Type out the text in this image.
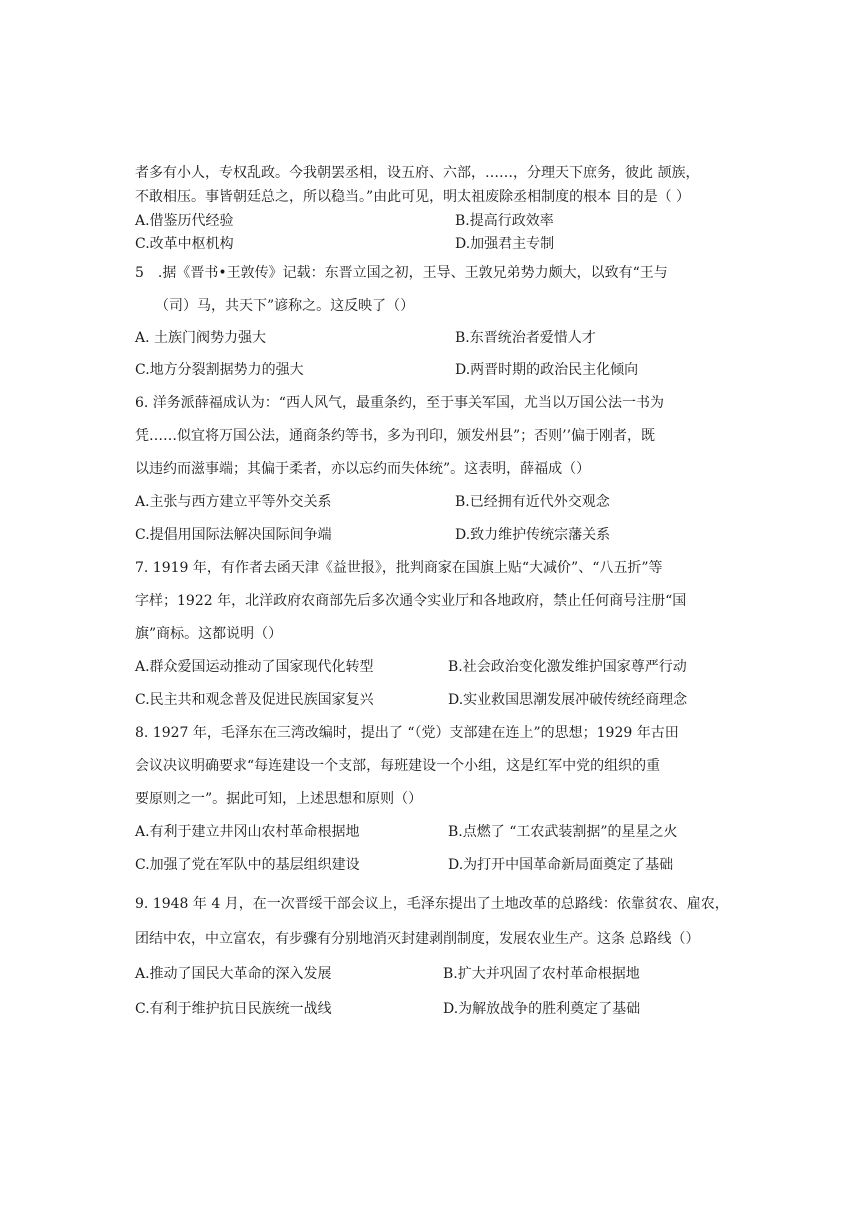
者多有小人，专权乱政。今我朝罢丞相，设五府、六部，……，分理天下庶务，彼此 颉族，
不敢相压。事皆朝廷总之，所以稳当。”由此可见，明太祖废除丞相制度的根本 目的是（ ）
A.借鉴历代经验	B.提高行政效率
C.改革中枢机构	D.加强君主专制
5　.据《晋书•王敦传》记载：东晋立国之初，王导、王敦兄弟势力颇大，以致有“王与
（司）马，共天下”谚称之。这反映了（）
A. 土族门阀势力强大	B.东晋统治者爱惜人才
C.地方分裂割据势力的强大	D.两晋时期的政治民主化倾向
6. 洋务派薛福成认为：“西人风气，最重条约，至于事关军国，尤当以万国公法一书为
凭……似宜将万国公法，通商条约等书，多为刊印，颁发州县”；否则’’偏于刚者，既
以违约而滋事端；其偏于柔者，亦以忘约而失体统”。这表明，薛福成（）
A.主张与西方建立平等外交关系	B.已经拥有近代外交观念
C.提倡用国际法解决国际间争端	D.致力维护传统宗藩关系
7. 1919 年，有作者去函天津《益世报》，批判商家在国旗上贴“大减价”、“八五折”等
字样；1922 年，北洋政府农商部先后多次通令实业厅和各地政府，禁止任何商号注册“国
旗”商标。这都说明（）
A.群众爱国运动推动了国家现代化转型	B.社会政治变化激发维护国家尊严行动
C.民主共和观念普及促进民族国家复兴	D.实业救国思潮发展冲破传统经商理念
8. 1927 年，毛泽东在三湾改编时，提出了 “（党）支部建在连上”的思想；1929 年古田
会议决议明确要求“每连建设一个支部，每班建设一个小组，这是红军中党的组织的重
要原则之一”。据此可知，上述思想和原则（）
A.有利于建立井冈山农村革命根据地	B.点燃了 “工农武装割据”的星星之火
C.加强了党在军队中的基层组织建设	D.为打开中国革命新局面奠定了基础
9. 1948 年 4 月，在一次晋绥干部会议上，毛泽东提出了土地改革的总路线：依靠贫农、雇农，
团结中农，中立富农，有步骤有分别地消灭封建剥削制度，发展农业生产。这条 总路线（）
A.推动了国民大革命的深入发展	B.扩大并巩固了农村革命根据地
C.有利于维护抗日民族统一战线	D.为解放战争的胜利奠定了基础
